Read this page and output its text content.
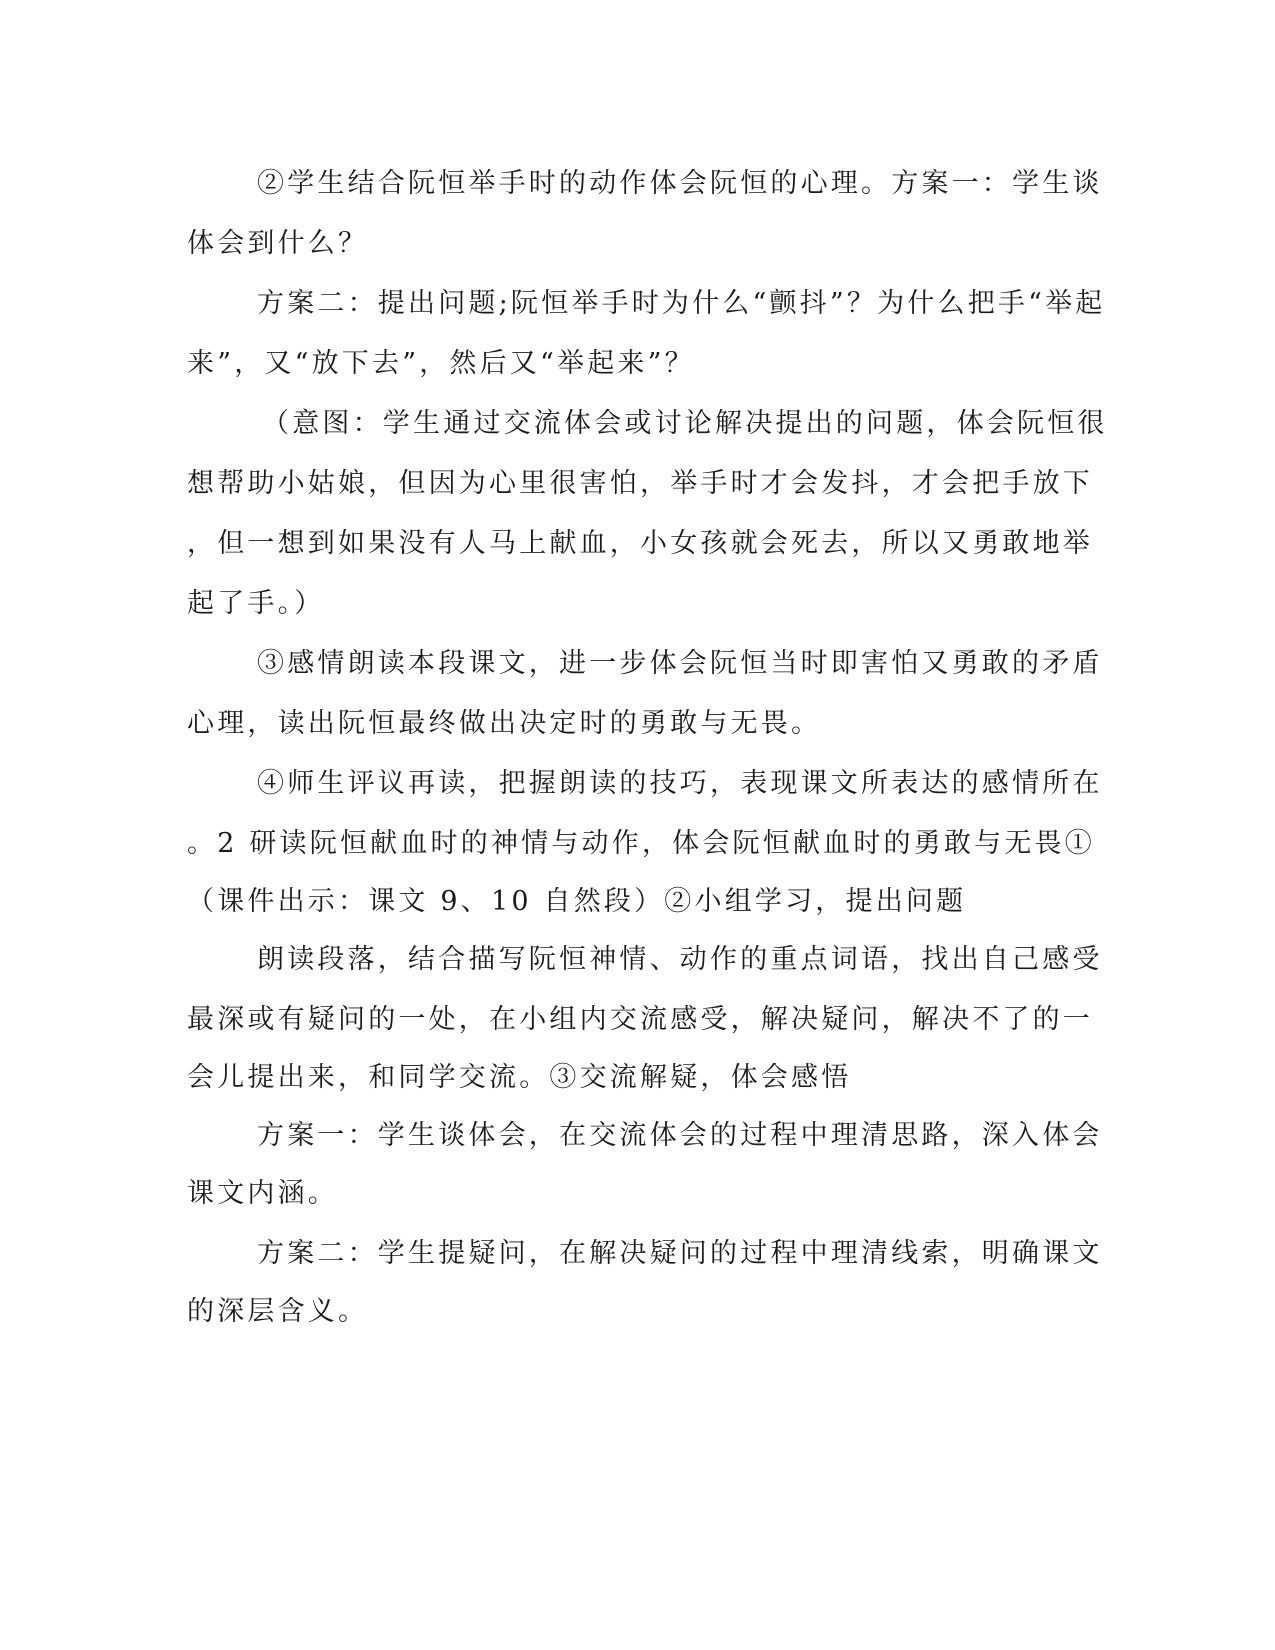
②学生结合阮恒举手时的动作体会阮恒的心理。方案一：学生谈
体会到什么？
方案二：提出问题;阮恒举手时为什么“颤抖”？为什么把手“举起
来”，又“放下去”，然后又“举起来”？
（意图：学生通过交流体会或讨论解决提出的问题，体会阮恒很
想帮助小姑娘，但因为心里很害怕，举手时才会发抖，才会把手放下
，但一想到如果没有人马上献血，小女孩就会死去，所以又勇敢地举
起了手。）
③感情朗读本段课文，进一步体会阮恒当时即害怕又勇敢的矛盾
心理，读出阮恒最终做出决定时的勇敢与无畏。
④师生评议再读，把握朗读的技巧，表现课文所表达的感情所在
。2 研读阮恒献血时的神情与动作，体会阮恒献血时的勇敢与无畏①
（课件出示：课文 9、10 自然段）②小组学习，提出问题
朗读段落，结合描写阮恒神情、动作的重点词语，找出自己感受
最深或有疑问的一处，在小组内交流感受，解决疑问，解决不了的一
会儿提出来，和同学交流。③交流解疑，体会感悟
方案一：学生谈体会，在交流体会的过程中理清思路，深入体会
课文内涵。
方案二：学生提疑问，在解决疑问的过程中理清线索，明确课文
的深层含义。
